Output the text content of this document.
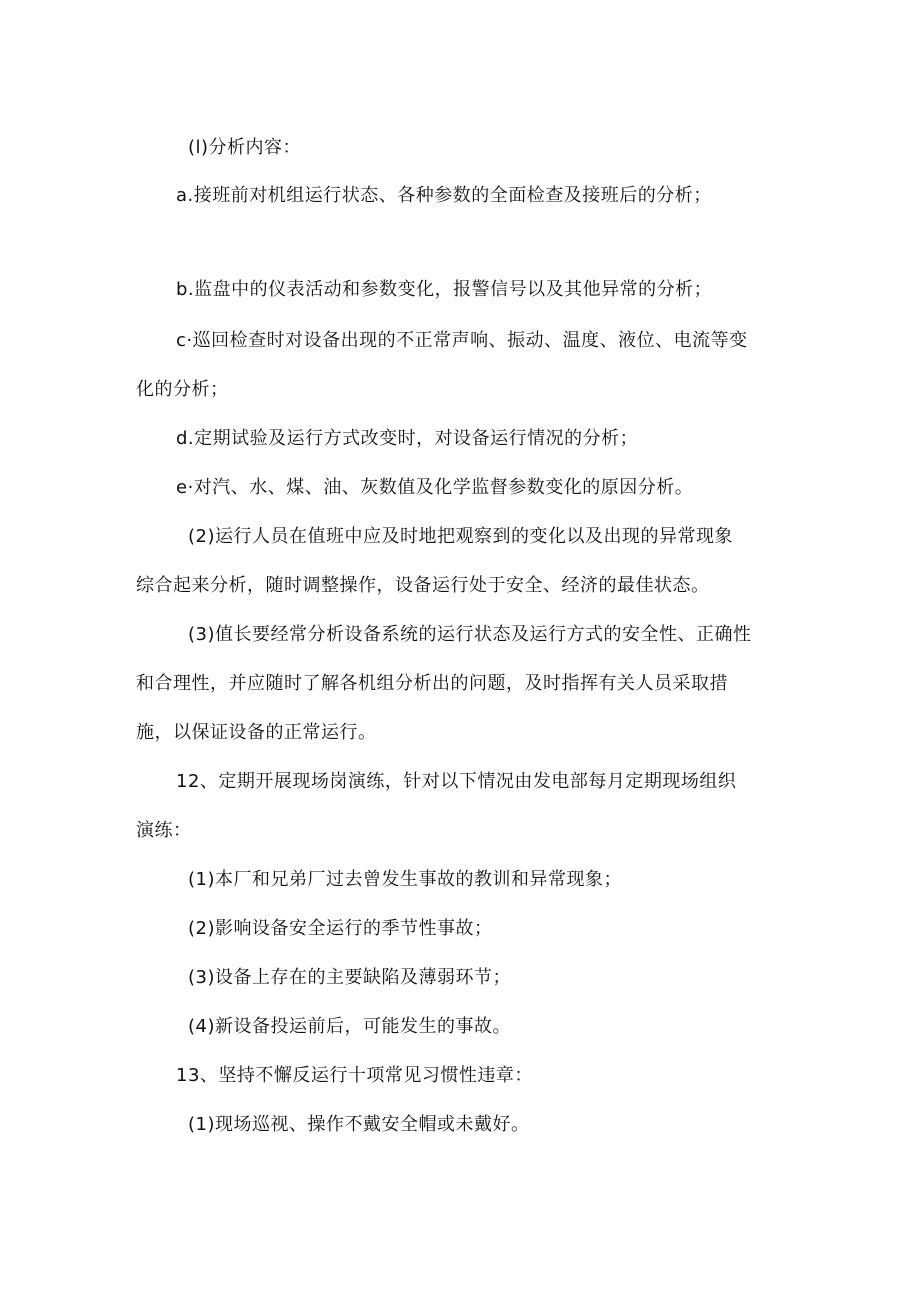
(l)分析内容：
a.接班前对机组运行状态、各种参数的全面检查及接班后的分析；
b.监盘中的仪表活动和参数变化，报警信号以及其他异常的分析；
c·巡回检查时对设备出现的不正常声响、振动、温度、液位、电流等变
化的分析；
d.定期试验及运行方式改变时，对设备运行情况的分析；
e·对汽、水、煤、油、灰数值及化学监督参数变化的原因分析。
(2)运行人员在值班中应及时地把观察到的变化以及出现的异常现象
综合起来分析，随时调整操作，设备运行处于安全、经济的最佳状态。
(3)值长要经常分析设备系统的运行状态及运行方式的安全性、正确性
和合理性，并应随时了解各机组分析出的问题，及时指挥有关人员采取措
施，以保证设备的正常运行。
12、定期开展现场岗演练，针对以下情况由发电部每月定期现场组织
演练：
(1)本厂和兄弟厂过去曾发生事故的教训和异常现象；
(2)影响设备安全运行的季节性事故；
(3)设备上存在的主要缺陷及薄弱环节；
(4)新设备投运前后，可能发生的事故。
13、坚持不懈反运行十项常见习惯性违章：
(1)现场巡视、操作不戴安全帽或未戴好。
